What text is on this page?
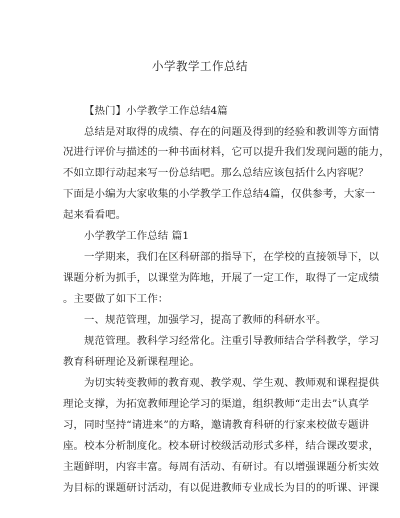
小学教学工作总结
【热门】小学教学工作总结4篇
总结是对取得的成绩、存在的问题及得到的经验和教训等方面情
况进行评价与描述的一种书面材料，它可以提升我们发现问题的能力，
不如立即行动起来写一份总结吧。那么总结应该包括什么内容呢？
下面是小编为大家收集的小学教学工作总结4篇，仅供参考，大家一
起来看看吧。
小学教学工作总结 篇1
一学期来，我们在区科研部的指导下，在学校的直接领导下，以
课题分析为抓手，以课堂为阵地，开展了一定工作，取得了一定成绩
。主要做了如下工作：
一、规范管理，加强学习，提高了教师的科研水平。
规范管理。教科学习经常化。注重引导教师结合学科教学，学习
教育科研理论及新课程理论。
为切实转变教师的教育观、教学观、学生观、教师观和课程提供
理论支撑，为拓宽教师理论学习的渠道，组织教师“走出去”认真学
习，同时坚持“请进来”的方略，邀请教育科研的行家来校做专题讲
座。校本分析制度化。校本研讨校级活动形式多样，结合课改要求，
主题鲜明，内容丰富。每周有活动、有研讨。有以增强课题分析实效
为目标的课题研讨活动，有以促进教师专业成长为目的的听课、评课
